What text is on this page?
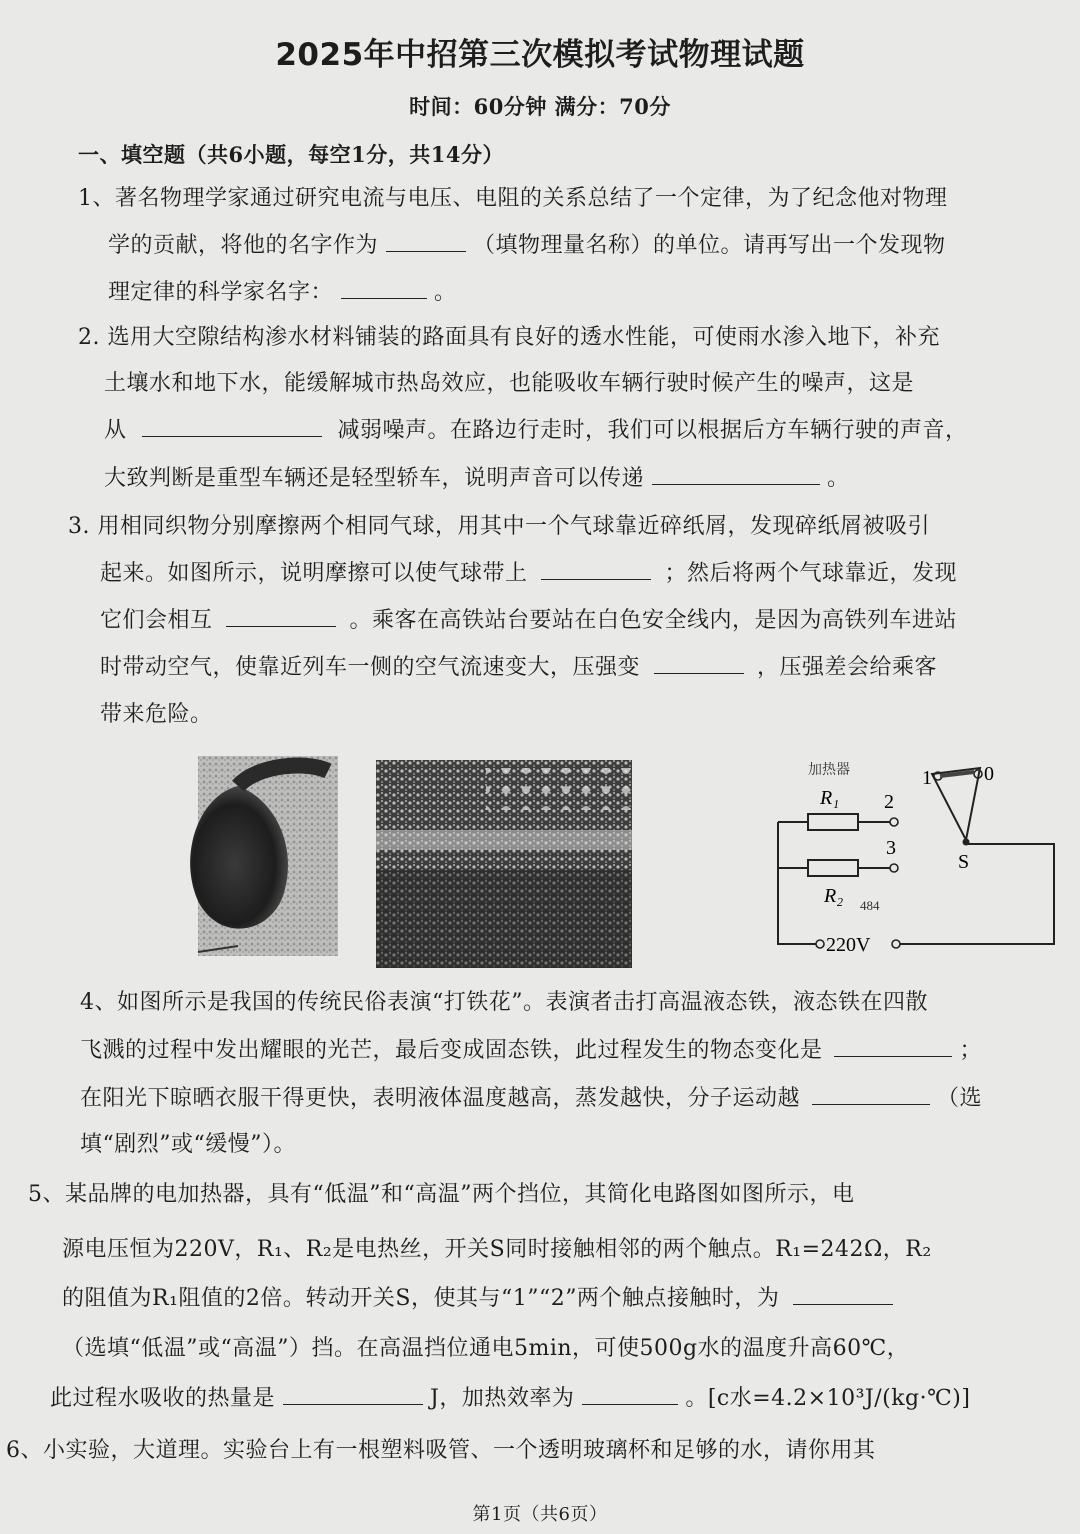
2025年中招第三次模拟考试物理试题
时间：60分钟 满分：70分
一、填空题（共6小题，每空1分，共14分）
1、著名物理学家通过研究电流与电压、电阻的关系总结了一个定律，为了纪念他对物理
学的贡献，将他的名字作为	（填物理量名称）的单位。请再写出一个发现物
理定律的科学家名字：	。
2. 选用大空隙结构渗水材料铺装的路面具有良好的透水性能，可使雨水渗入地下，补充
土壤水和地下水，能缓解城市热岛效应，也能吸收车辆行驶时候产生的噪声，这是
从	减弱噪声。在路边行走时，我们可以根据后方车辆行驶的声音，
大致判断是重型车辆还是轻型轿车，说明声音可以传递	。
3. 用相同织物分别摩擦两个相同气球，用其中一个气球靠近碎纸屑，发现碎纸屑被吸引
起来。如图所示，说明摩擦可以使气球带上	；然后将两个气球靠近，发现
它们会相互	。乘客在高铁站台要站在白色安全线内，是因为高铁列车进站
时带动空气，使靠近列车一侧的空气流速变大，压强变	，压强差会给乘客
带来危险。
加热器
R₁
R₂ 484
2
3
1	0
S
220V
4、如图所示是我国的传统民俗表演“打铁花”。表演者击打高温液态铁，液态铁在四散
飞溅的过程中发出耀眼的光芒，最后变成固态铁，此过程发生的物态变化是	；
在阳光下晾晒衣服干得更快，表明液体温度越高，蒸发越快，分子运动越	（选
填“剧烈”或“缓慢”）。
5、某品牌的电加热器，具有“低温”和“高温”两个挡位，其简化电路图如图所示，电
源电压恒为220V，R₁、R₂是电热丝，开关S同时接触相邻的两个触点。R₁=242Ω，R₂
的阻值为R₁阻值的2倍。转动开关S，使其与“1”“2”两个触点接触时，为
（选填“低温”或“高温”）挡。在高温挡位通电5min，可使500g水的温度升高60℃，
此过程水吸收的热量是	J，加热效率为	。[c水=4.2×10³J/(kg·℃)]
6、小实验，大道理。实验台上有一根塑料吸管、一个透明玻璃杯和足够的水，请你用其
第1页（共6页）
